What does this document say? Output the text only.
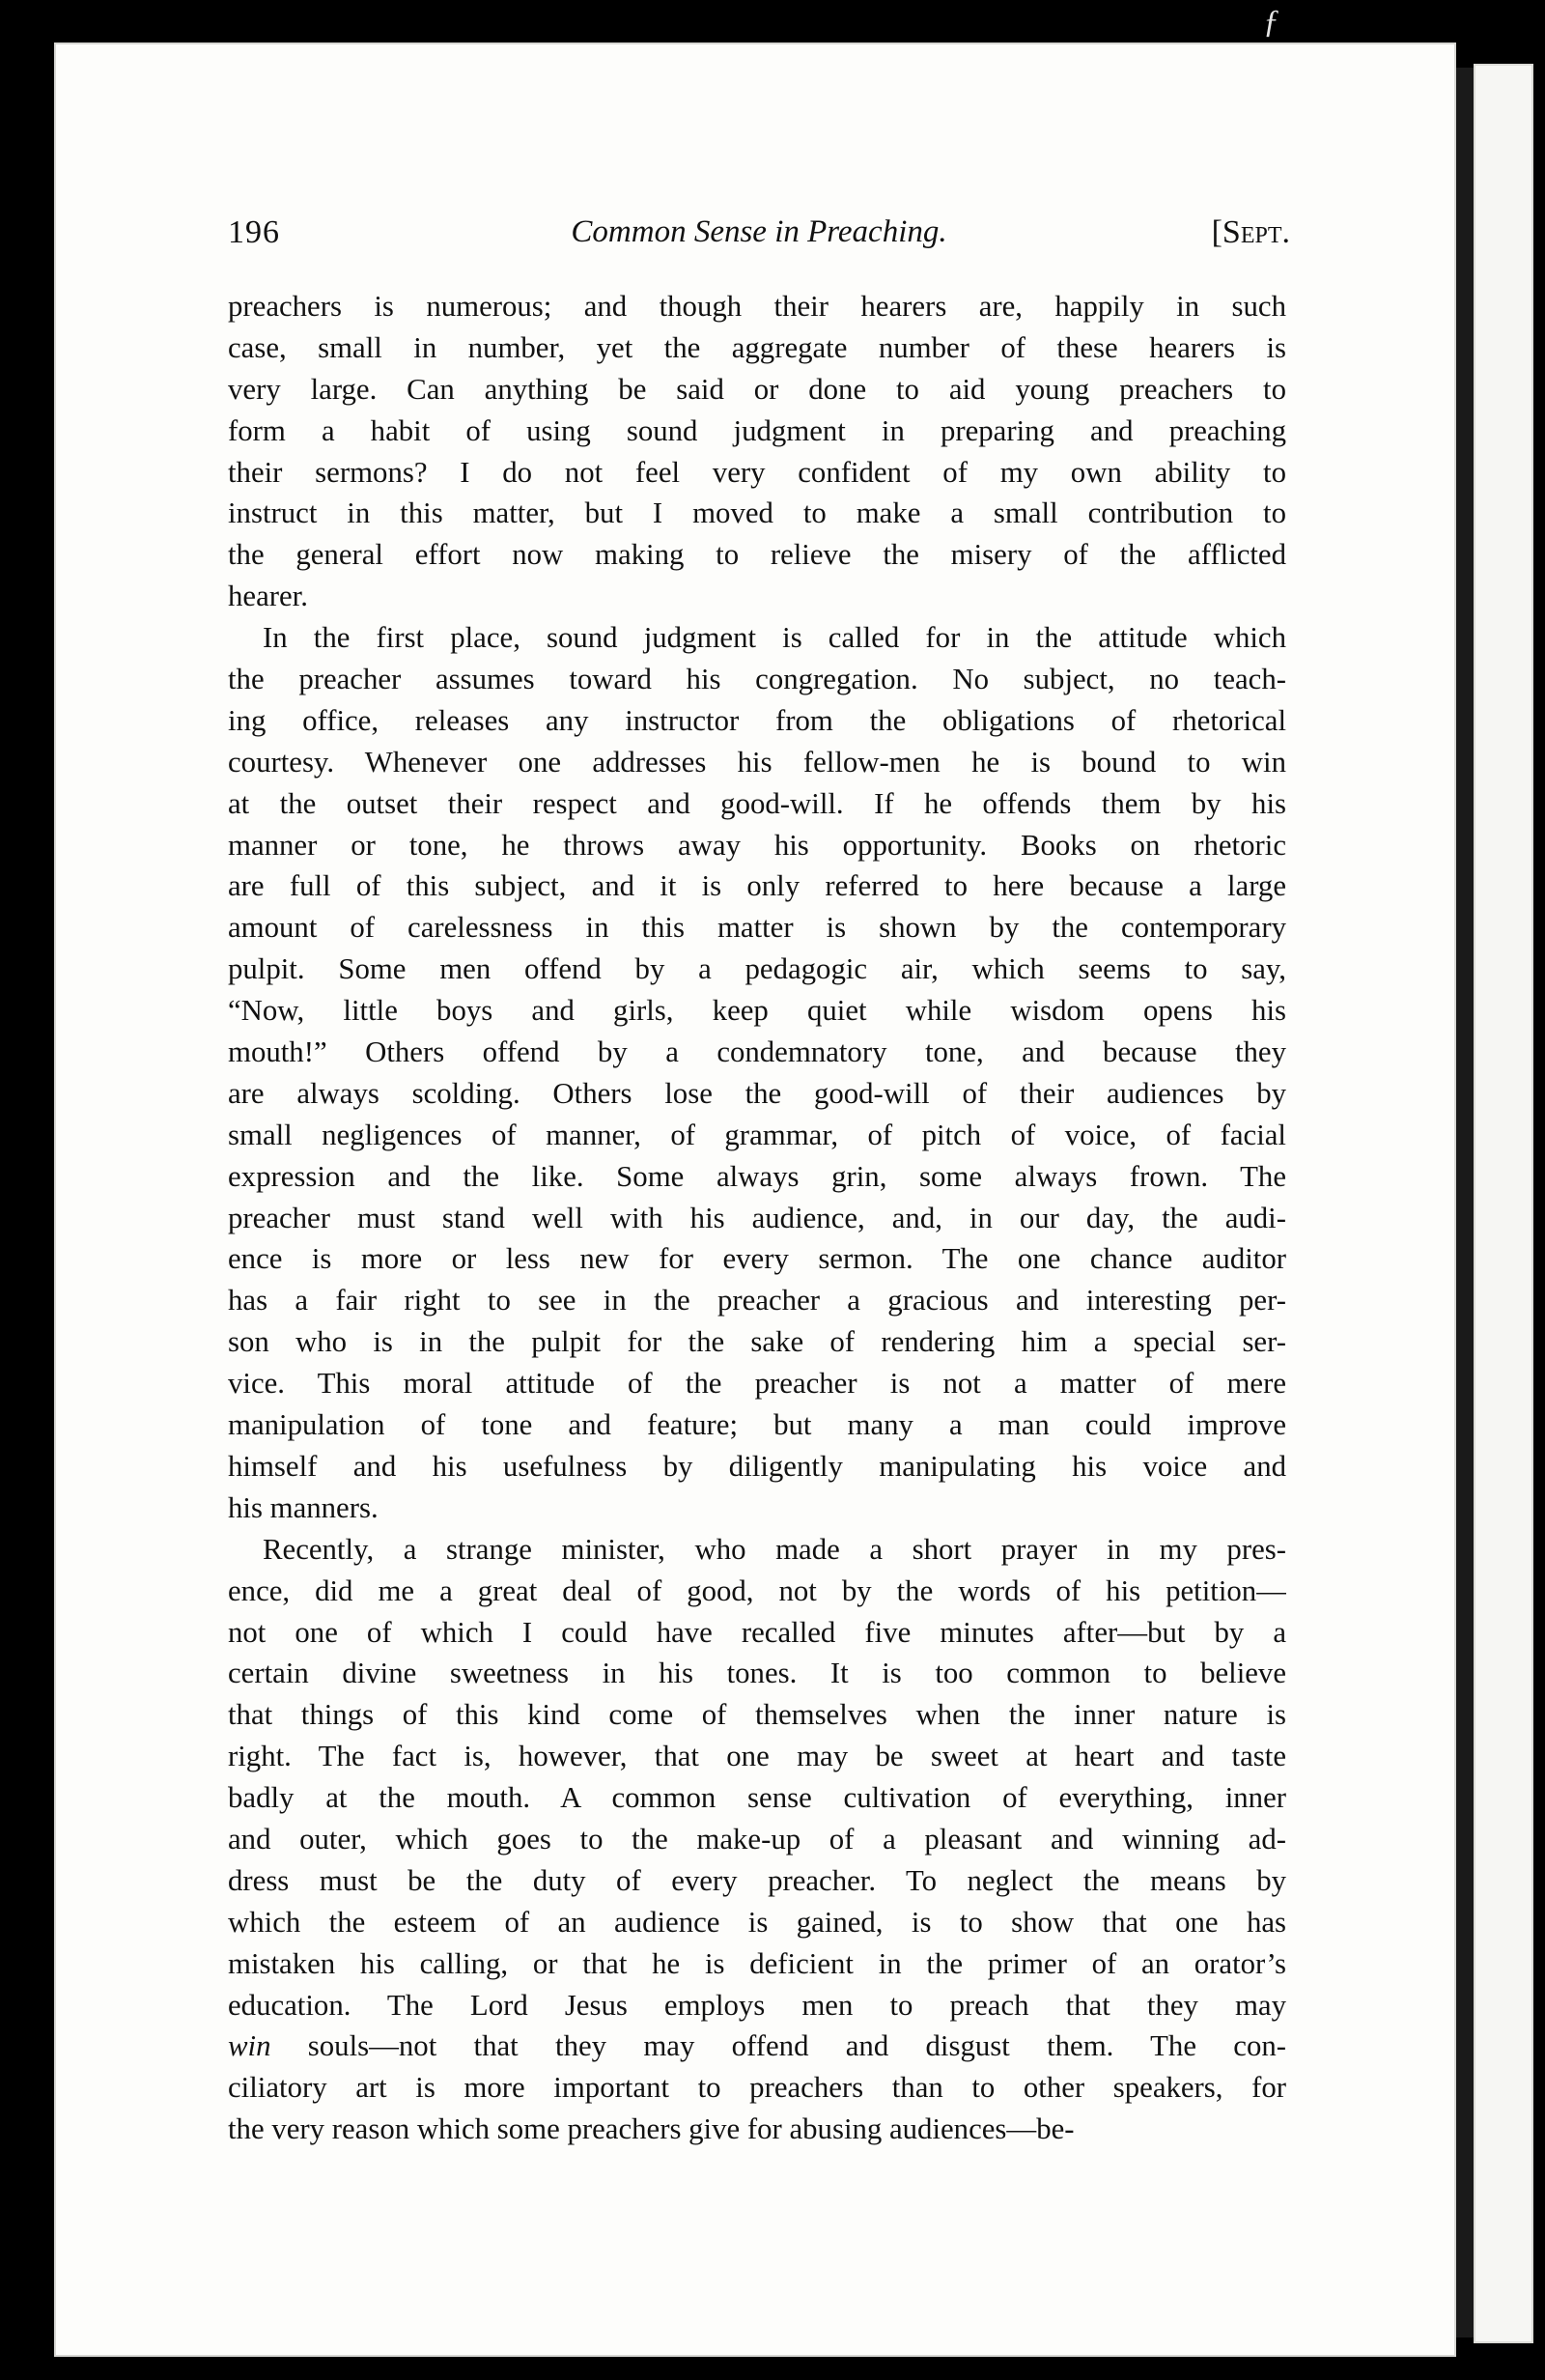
ƒ
196	Common Sense in Preaching.	[Sept.

preachers is numerous; and though their hearers are, happily in such
case, small in number, yet the aggregate number of these hearers is
very large. Can anything be said or done to aid young preachers to
form a habit of using sound judgment in preparing and preaching
their sermons? I do not feel very confident of my own ability to
instruct in this matter, but I moved to make a small contribution to
the general effort now making to relieve the misery of the afflicted
hearer.

In the first place, sound judgment is called for in the attitude which
the preacher assumes toward his congregation. No subject, no teach-
ing office, releases any instructor from the obligations of rhetorical
courtesy. Whenever one addresses his fellow-men he is bound to win
at the outset their respect and good-will. If he offends them by his
manner or tone, he throws away his opportunity. Books on rhetoric
are full of this subject, and it is only referred to here because a large
amount of carelessness in this matter is shown by the contemporary
pulpit. Some men offend by a pedagogic air, which seems to say,
“Now, little boys and girls, keep quiet while wisdom opens his
mouth!” Others offend by a condemnatory tone, and because they
are always scolding. Others lose the good-will of their audiences by
small negligences of manner, of grammar, of pitch of voice, of facial
expression and the like. Some always grin, some always frown. The
preacher must stand well with his audience, and, in our day, the audi-
ence is more or less new for every sermon. The one chance auditor
has a fair right to see in the preacher a gracious and interesting per-
son who is in the pulpit for the sake of rendering him a special ser-
vice. This moral attitude of the preacher is not a matter of mere
manipulation of tone and feature; but many a man could improve
himself and his usefulness by diligently manipulating his voice and
his manners.

Recently, a strange minister, who made a short prayer in my pres-
ence, did me a great deal of good, not by the words of his petition—
not one of which I could have recalled five minutes after—but by a
certain divine sweetness in his tones. It is too common to believe
that things of this kind come of themselves when the inner nature is
right. The fact is, however, that one may be sweet at heart and taste
badly at the mouth. A common sense cultivation of everything, inner
and outer, which goes to the make-up of a pleasant and winning ad-
dress must be the duty of every preacher. To neglect the means by
which the esteem of an audience is gained, is to show that one has
mistaken his calling, or that he is deficient in the primer of an orator’s
education. The Lord Jesus employs men to preach that they may
win souls—not that they may offend and disgust them. The con-
ciliatory art is more important to preachers than to other speakers, for
the very reason which some preachers give for abusing audiences—be-
